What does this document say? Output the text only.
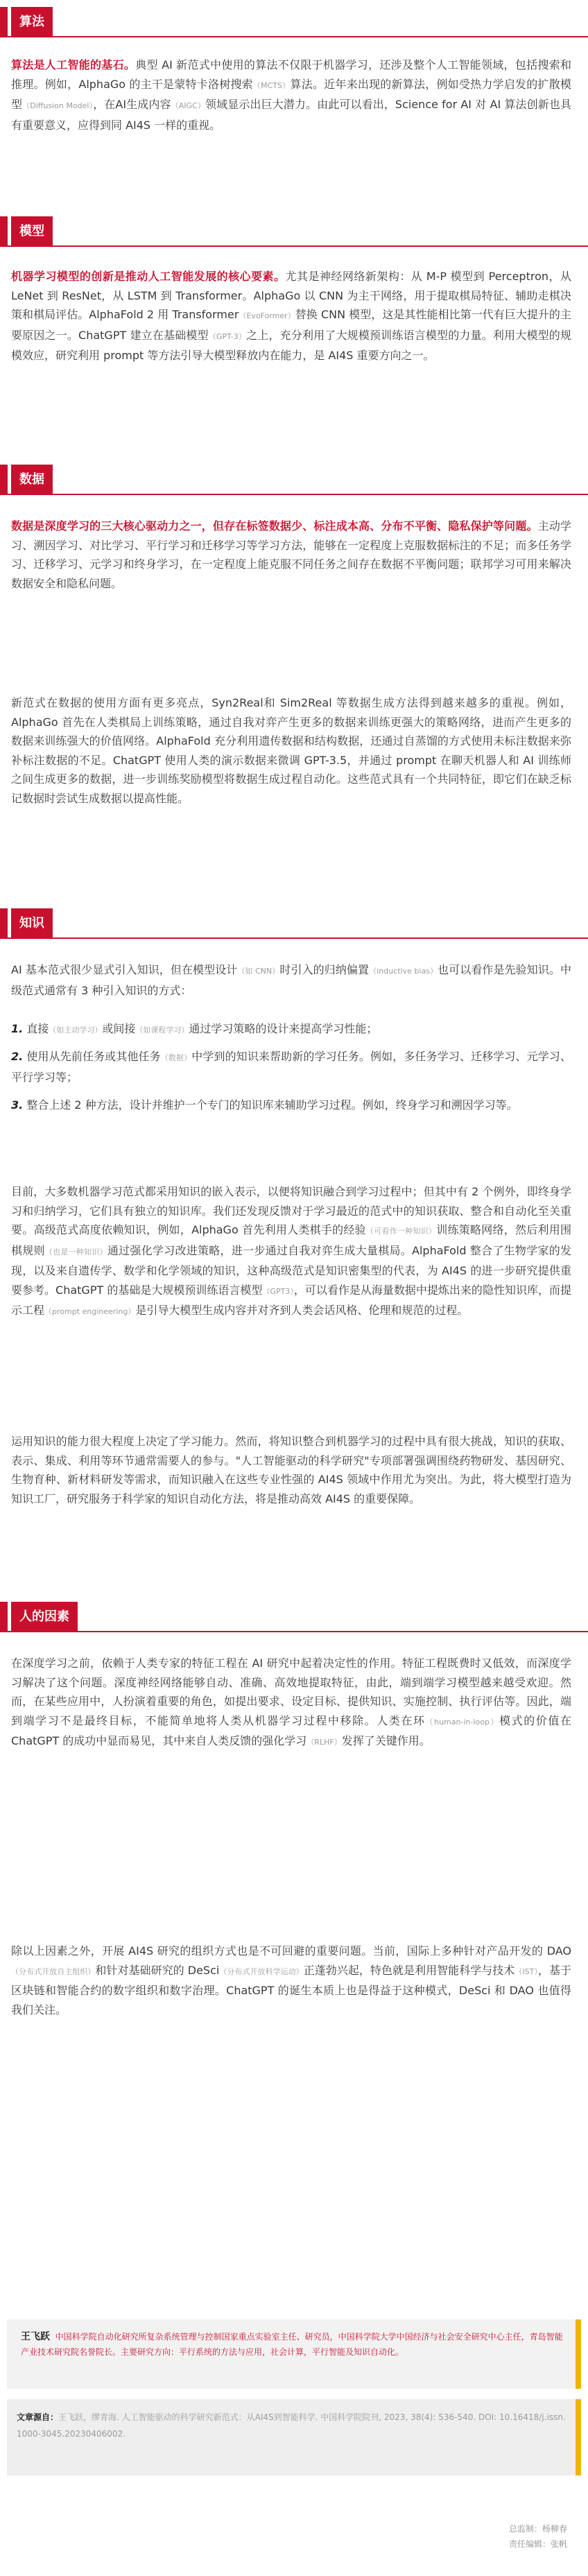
算法

算法是人工智能的基石。典型 AI 新范式中使用的算法不仅限于机器学习，还涉及整个人工智能领域，包括搜索和推理。例如，AlphaGo 的主干是蒙特卡洛树搜索（MCTS）算法。近年来出现的新算法，例如受热力学启发的扩散模型（Diffusion Model），在AI生成内容（AIGC）领域显示出巨大潜力。由此可以看出，Science for AI 对 AI 算法创新也具有重要意义，应得到同 AI4S 一样的重视。

模型

机器学习模型的创新是推动人工智能发展的核心要素。尤其是神经网络新架构：从 M-P 模型到 Perceptron，从 LeNet 到 ResNet，从 LSTM 到 Transformer。AlphaGo 以 CNN 为主干网络，用于提取棋局特征、辅助走棋决策和棋局评估。AlphaFold 2 用 Transformer（EvoFormer）替换 CNN 模型，这是其性能相比第一代有巨大提升的主要原因之一。ChatGPT 建立在基础模型（GPT-3）之上，充分利用了大规模预训练语言模型的力量。利用大模型的规模效应，研究利用 prompt 等方法引导大模型释放内在能力，是 AI4S 重要方向之一。

数据

数据是深度学习的三大核心驱动力之一，但存在标签数据少、标注成本高、分布不平衡、隐私保护等问题。主动学习、溯因学习、对比学习、平行学习和迁移学习等学习方法，能够在一定程度上克服数据标注的不足；而多任务学习、迁移学习、元学习和终身学习，在一定程度上能克服不同任务之间存在数据不平衡问题；联邦学习可用来解决数据安全和隐私问题。

新范式在数据的使用方面有更多亮点，Syn2Real和 Sim2Real 等数据生成方法得到越来越多的重视。例如，AlphaGo 首先在人类棋局上训练策略，通过自我对弈产生更多的数据来训练更强大的策略网络，进而产生更多的数据来训练强大的价值网络。AlphaFold 充分利用遗传数据和结构数据，还通过自蒸馏的方式使用未标注数据来弥补标注数据的不足。ChatGPT 使用人类的演示数据来微调 GPT-3.5，并通过 prompt 在聊天机器人和 AI 训练师之间生成更多的数据，进一步训练奖励模型将数据生成过程自动化。这些范式具有一个共同特征，即它们在缺乏标记数据时尝试生成数据以提高性能。

知识

AI 基本范式很少显式引入知识，但在模型设计（如 CNN）时引入的归纳偏置（inductive bias）也可以看作是先验知识。中级范式通常有 3 种引入知识的方式：

1. 直接（如主动学习）或间接（如课程学习）通过学习策略的设计来提高学习性能；

2. 使用从先前任务或其他任务（数据）中学到的知识来帮助新的学习任务。例如，多任务学习、迁移学习、元学习、平行学习等；

3. 整合上述 2 种方法，设计并维护一个专门的知识库来辅助学习过程。例如，终身学习和溯因学习等。

目前，大多数机器学习范式都采用知识的嵌入表示，以便将知识融合到学习过程中；但其中有 2 个例外，即终身学习和归纳学习，它们具有独立的知识库。我们还发现反馈对于学习最近的范式中的知识获取、整合和自动化至关重要。高级范式高度依赖知识，例如，AlphaGo 首先利用人类棋手的经验（可看作一种知识）训练策略网络，然后利用围棋规则（也是一种知识）通过强化学习改进策略，进一步通过自我对弈生成大量棋局。AlphaFold 整合了生物学家的发现，以及来自遗传学、数学和化学领域的知识，这种高级范式是知识密集型的代表，为 AI4S 的进一步研究提供重要参考。ChatGPT 的基础是大规模预训练语言模型（GPT3），可以看作是从海量数据中提炼出来的隐性知识库，而提示工程（prompt engineering）是引导大模型生成内容并对齐到人类会话风格、伦理和规范的过程。

运用知识的能力很大程度上决定了学习能力。然而，将知识整合到机器学习的过程中具有很大挑战，知识的获取、表示、集成、利用等环节通常需要人的参与。"人工智能驱动的科学研究"专项部署强调围绕药物研发、基因研究、生物育种、新材料研发等需求，而知识融入在这些专业性强的 AI4S 领域中作用尤为突出。为此，将大模型打造为知识工厂，研究服务于科学家的知识自动化方法，将是推动高效 AI4S 的重要保障。

人的因素

在深度学习之前，依赖于人类专家的特征工程在 AI 研究中起着决定性的作用。特征工程既费时又低效，而深度学习解决了这个问题。深度神经网络能够自动、准确、高效地提取特征，由此，端到端学习模型越来越受欢迎。然而，在某些应用中，人扮演着重要的角色，如提出要求、设定目标、提供知识、实施控制、执行评估等。因此，端到端学习不是最终目标，不能简单地将人类从机器学习过程中移除。人类在环（human-in-loop）模式的价值在 ChatGPT 的成功中显而易见，其中来自人类反馈的强化学习（RLHF）发挥了关键作用。

除以上因素之外，开展 AI4S 研究的组织方式也是不可回避的重要问题。当前，国际上多种针对产品开发的 DAO（分布式开放自主组织）和针对基础研究的 DeSci（分布式开放科学运动）正蓬勃兴起，特色就是利用智能科学与技术（IST），基于区块链和智能合约的数字组织和数字治理。ChatGPT 的诞生本质上也是得益于这种模式，DeSci 和 DAO 也值得我们关注。

王飞跃 中国科学院自动化研究所复杂系统管理与控制国家重点实验室主任、研究员，中国科学院大学中国经济与社会安全研究中心主任，青岛智能产业技术研究院名誉院长。主要研究方向：平行系统的方法与应用，社会计算，平行智能及知识自动化。
文章源自：王飞跃，缪青海. 人工智能驱动的科学研究新范式：从AI4S到智能科学. 中国科学院院刊, 2023, 38(4): 536-540. DOI: 10.16418/j.issn. 1000-3045.20230406002.
总监制：杨柳春
责任编辑：张帆
